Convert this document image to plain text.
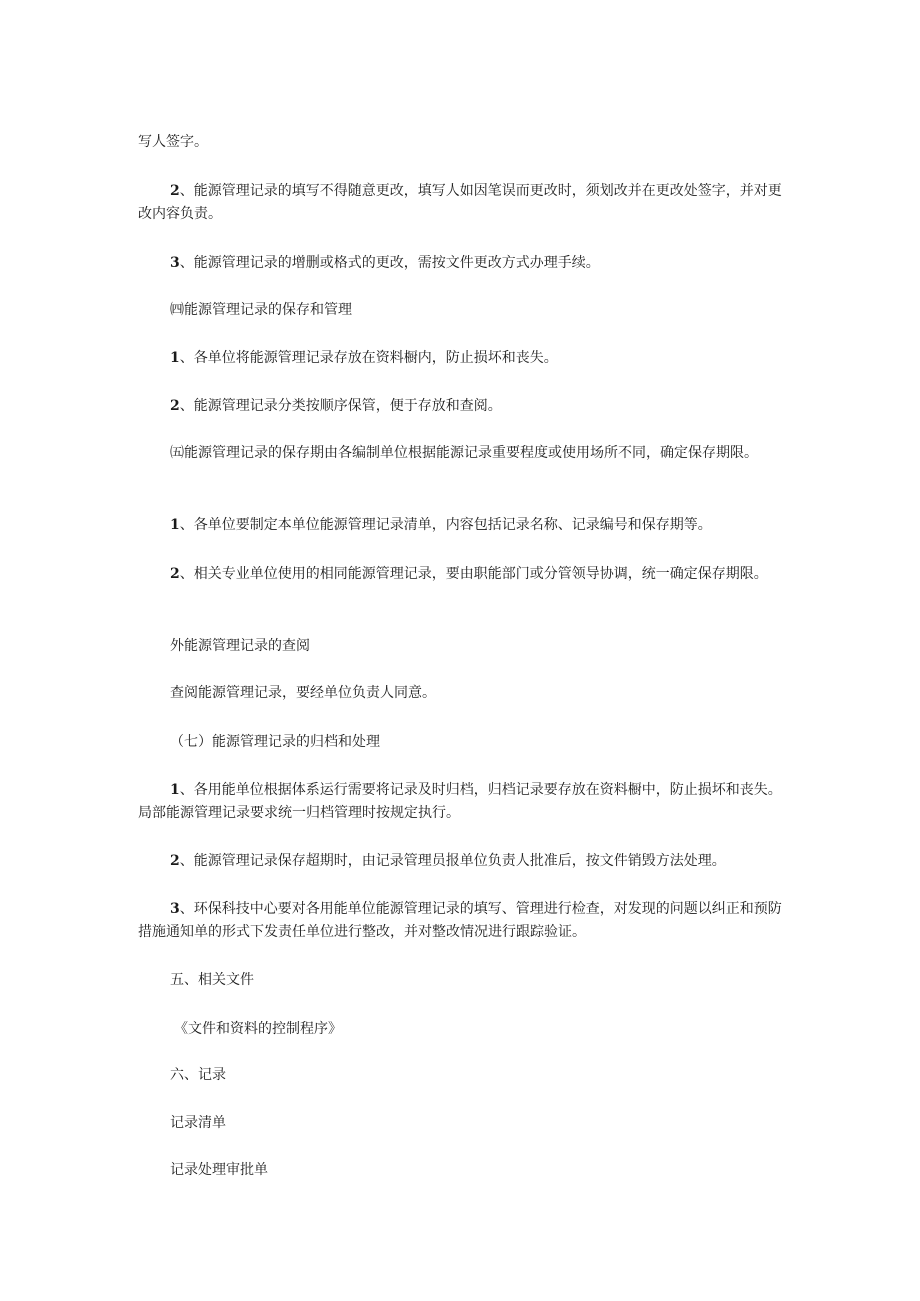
写人签字。

2、能源管理记录的填写不得随意更改，填写人如因笔误而更改时，须划改并在更改处签字，并对更改内容负责。

3、能源管理记录的增删或格式的更改，需按文件更改方式办理手续。

㈣能源管理记录的保存和管理

1、各单位将能源管理记录存放在资料橱内，防止损坏和丧失。

2、能源管理记录分类按顺序保管，便于存放和查阅。

㈤能源管理记录的保存期由各编制单位根据能源记录重要程度或使用场所不同，确定保存期限。

1、各单位要制定本单位能源管理记录清单，内容包括记录名称、记录编号和保存期等。

2、相关专业单位使用的相同能源管理记录，要由职能部门或分管领导协调，统一确定保存期限。

外能源管理记录的查阅

查阅能源管理记录，要经单位负责人同意。

（七）能源管理记录的归档和处理

1、各用能单位根据体系运行需要将记录及时归档，归档记录要存放在资料橱中，防止损坏和丧失。局部能源管理记录要求统一归档管理时按规定执行。

2、能源管理记录保存超期时，由记录管理员报单位负责人批准后，按文件销毁方法处理。

3、环保科技中心要对各用能单位能源管理记录的填写、管理进行检查，对发现的问题以纠正和预防措施通知单的形式下发责任单位进行整改，并对整改情况进行跟踪验证。

五、相关文件

《文件和资料的控制程序》

六、记录

记录清单

记录处理审批单
